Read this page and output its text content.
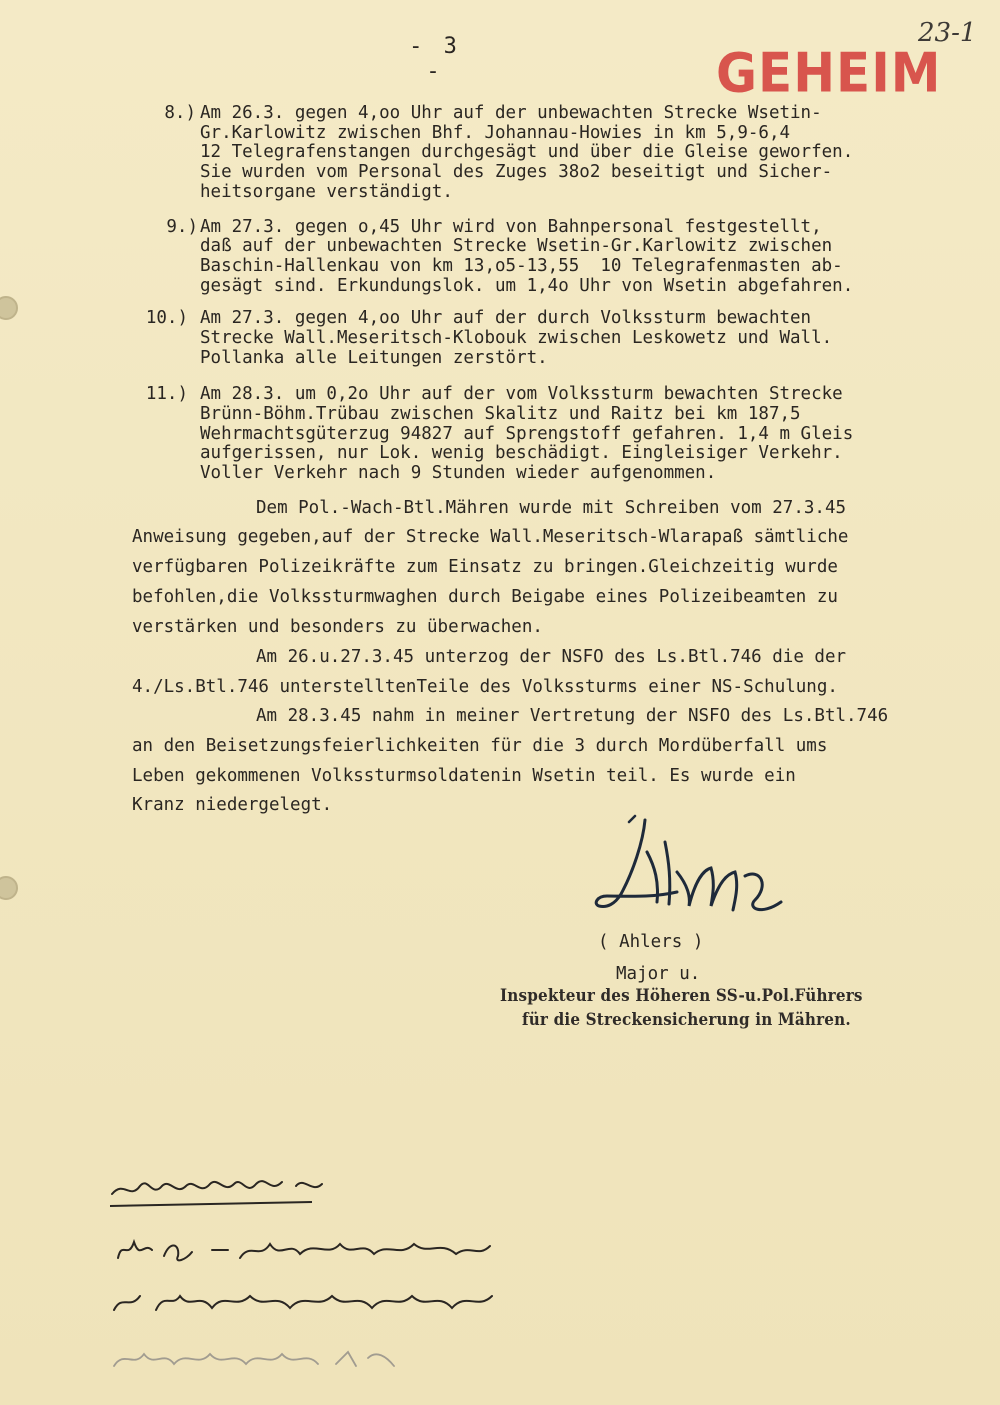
- 3 -	GEHEIM
23-1
8.) Am 26.3. gegen 4,oo Uhr auf der unbewachten Strecke Wsetin-
Gr.Karlowitz zwischen Bhf. Johannau-Howies in km 5,9-6,4
12 Telegrafenstangen durchgesägt und über die Gleise geworfen.
Sie wurden vom Personal des Zuges 38o2 beseitigt und Sicher-
heitsorgane verständigt.
9.) Am 27.3. gegen o,45 Uhr wird von Bahnpersonal festgestellt,
daß auf der unbewachten Strecke Wsetin-Gr.Karlowitz zwischen
Baschin-Hallenkau von km 13,o5-13,55  10 Telegrafenmasten ab-
gesägt sind. Erkundungslok. um 1,4o Uhr von Wsetin abgefahren.
10.) Am 27.3. gegen 4,oo Uhr auf der durch Volkssturm bewachten
Strecke Wall.Meseritsch-Klobouk zwischen Leskowetz und Wall.
Pollanka alle Leitungen zerstört.
11.) Am 28.3. um 0,2o Uhr auf der vom Volkssturm bewachten Strecke
Brünn-Böhm.Trübau zwischen Skalitz und Raitz bei km 187,5
Wehrmachtsgüterzug 94827 auf Sprengstoff gefahren. 1,4 m Gleis
aufgerissen, nur Lok. wenig beschädigt. Eingleisiger Verkehr.
Voller Verkehr nach 9 Stunden wieder aufgenommen.
Dem Pol.-Wach-Btl.Mähren wurde mit Schreiben vom 27.3.45
Anweisung gegeben,auf der Strecke Wall.Meseritsch-Wlarapaß sämtliche
verfügbaren Polizeikräfte zum Einsatz zu bringen.Gleichzeitig wurde
befohlen,die Volkssturmwaghen durch Beigabe eines Polizeibeamten zu
verstärken und besonders zu überwachen.
Am 26.u.27.3.45 unterzog der NSFO des Ls.Btl.746 die der
4./Ls.Btl.746 unterstelltenTeile des Volkssturms einer NS-Schulung.
Am 28.3.45 nahm in meiner Vertretung der NSFO des Ls.Btl.746
an den Beisetzungsfeierlichkeiten für die 3 durch Mordüberfall ums
Leben gekommenen Volkssturmsoldatenin Wsetin teil. Es wurde ein
Kranz niedergelegt.
( Ahlers )
Major u.
Inspekteur des Höheren SS-u.Pol.Führers
für die Streckensicherung in Mähren.
